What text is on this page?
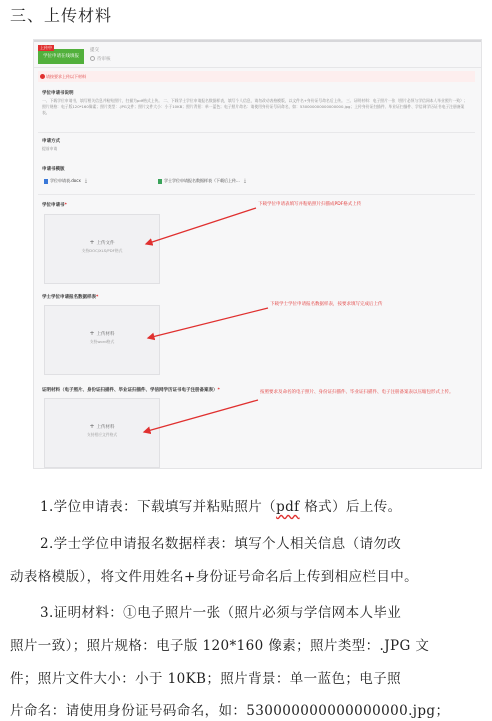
三、上传材料
上传中
学位申请在线填报
提交
待审核
请按要求上传以下材料
学位申请书说明
一、下载学位申请书，填写相关信息并粘贴照片，扫描为pdf格式上传。 二、下载学士学位申请报名数据样表，填写个人信息，请勿改动表格模版，以文件名+身份证号命名后上传。 三、证明材料：电子照片一张（照片必须与学信网本人毕业照片一致）；照片规格：电子版120*160像素；照片类型：.JPG文件；照片文件大小：小于10KB；照片背景：单一蓝色；电子照片命名：请使用身份证号码命名，如：530000000000000000.jpg；上传身份证扫描件、毕业证扫描件、学信网学历证书电子注册备案表。
申请方式
提前申请
申请书模版
学位申请表.docx ⤓	学士学位申请报名数据样表（下载后上传... ⤓
学位申请书*
+ 上传文件
支持DOC/XLS/PDF格式
下载学位申请表填写并粘贴照片扫描成PDF格式上传
学士学位申请报名数据样表*
+ 上传材料
支持word格式
下载学士学位申请报名数据样表，按要求填写完成后上传
证明材料（电子照片、身份证扫描件、毕业证扫描件、学信网学历证书电子注册备案表）*
+ 上传材料
支持相应文件格式
按照要求及命名的电子照片、身份证扫描件、毕业证扫描件、电子注册备案表以压缩包形式上传。
1.学位申请表：下载填写并粘贴照片（pdf 格式）后上传。
2.学士学位申请报名数据样表：填写个人相关信息（请勿改
动表格模版），将文件用姓名+身份证号命名后上传到相应栏目中。
3.证明材料：①电子照片一张（照片必须与学信网本人毕业
照片一致）；照片规格：电子版 120*160 像素；照片类型：.JPG 文
件；照片文件大小：小于 10KB；照片背景：单一蓝色；电子照
片命名：请使用身份证号码命名，如：530000000000000000.jpg；
